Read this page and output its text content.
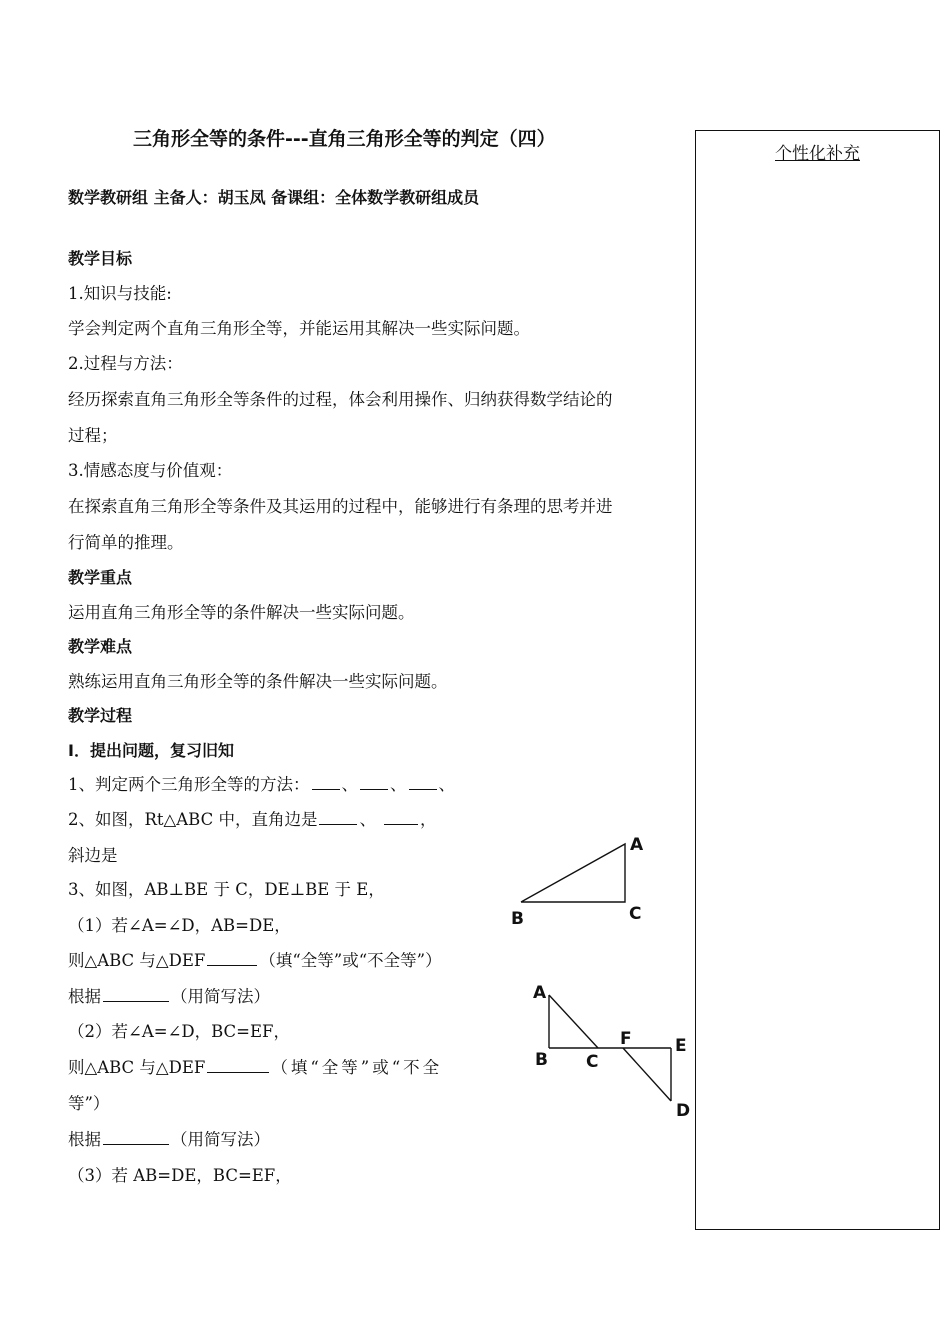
三角形全等的条件---直角三角形全等的判定（四）
数学教研组 主备人：胡玉凤 备课组：全体数学教研组成员
教学目标
1.知识与技能:
学会判定两个直角三角形全等，并能运用其解决一些实际问题。
2.过程与方法：
经历探索直角三角形全等条件的过程，体会利用操作、归纳获得数学结论的
过程；
3.情感态度与价值观：
在探索直角三角形全等条件及其运用的过程中，能够进行有条理的思考并进
行简单的推理。
教学重点
运用直角三角形全等的条件解决一些实际问题。
教学难点
熟练运用直角三角形全等的条件解决一些实际问题。
教学过程
Ⅰ．提出问题，复习旧知
1、判定两个三角形全等的方法： 、 、 、
2、如图，Rt△ABC 中，直角边是	、	，
斜边是
3、如图，AB⊥BE 于 C，DE⊥BE 于 E，
（1）若∠A=∠D，AB=DE，
则△ABC 与△DEF	（填“全等”或“不全等”）
根据	（用简写法）
（2）若∠A=∠D，BC=EF，
则△ABC 与△DEF	（填“全等”或“不全
等”）
根据	（用简写法）
（3）若 AB=DE，BC=EF，
A
B	C
A
B C
F	E
D
个性化补充
